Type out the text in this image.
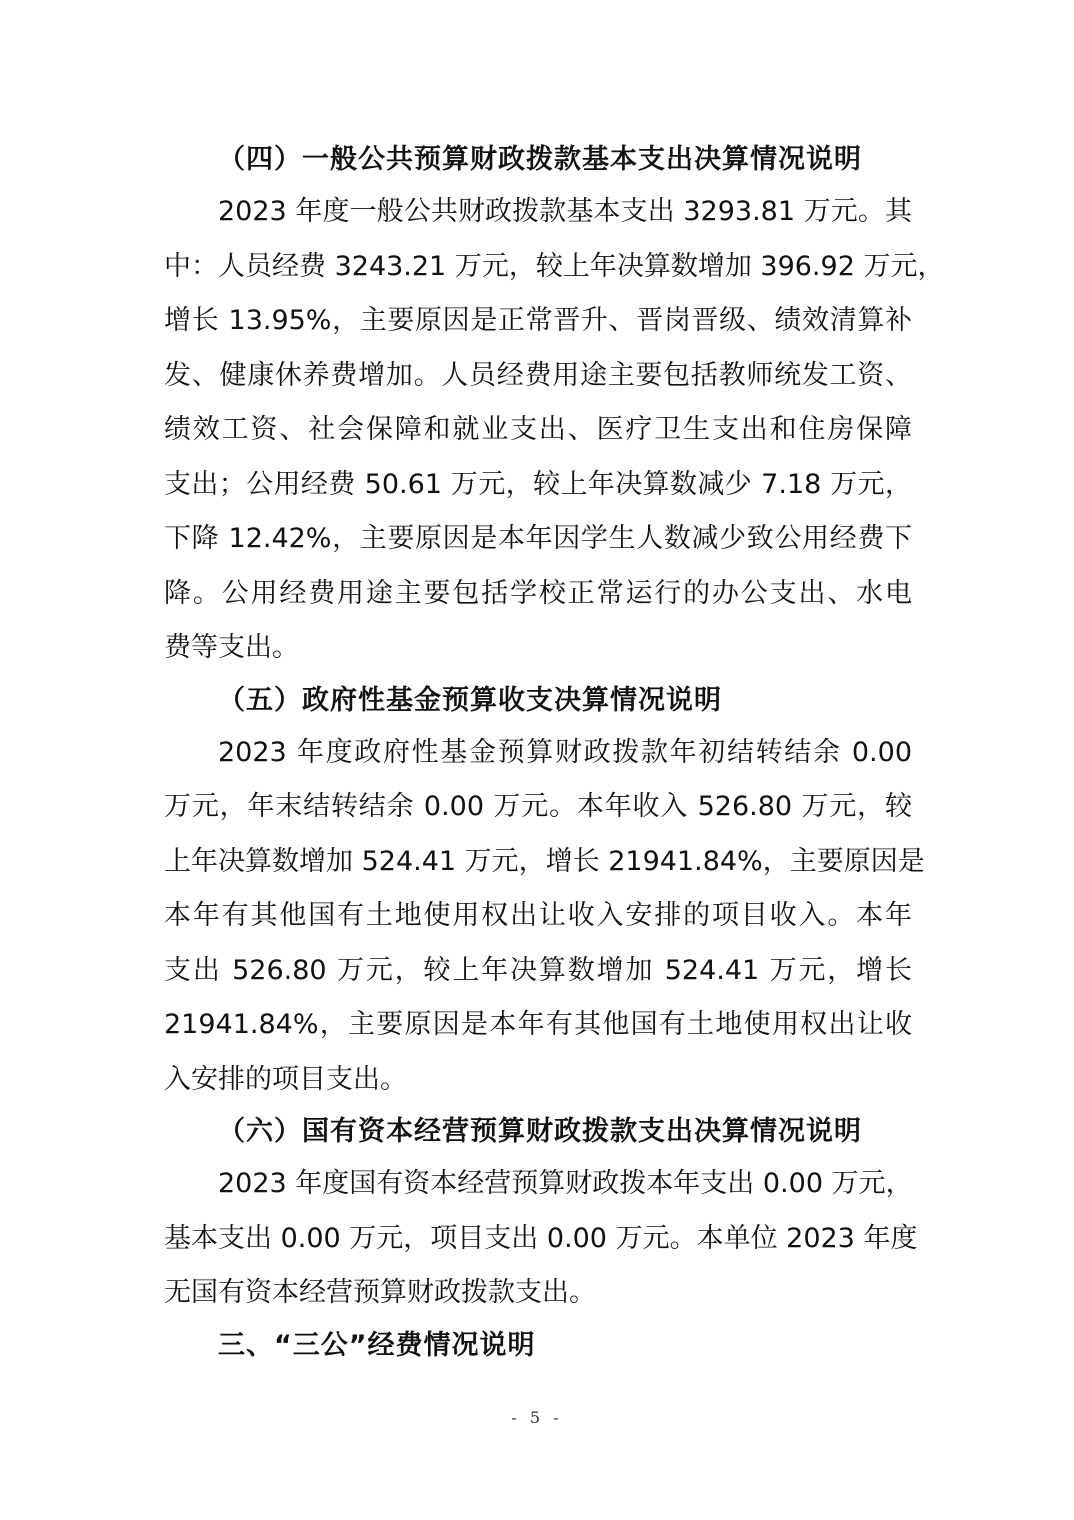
（四）一般公共预算财政拨款基本支出决算情况说明
2023 年度一般公共财政拨款基本支出 3293.81 万元。其
中：人员经费 3243.21 万元，较上年决算数增加 396.92 万元，
增长 13.95%，主要原因是正常晋升、晋岗晋级、绩效清算补
发、健康休养费增加。人员经费用途主要包括教师统发工资、
绩效工资、社会保障和就业支出、医疗卫生支出和住房保障
支出；公用经费 50.61 万元，较上年决算数减少 7.18 万元，
下降 12.42%，主要原因是本年因学生人数减少致公用经费下
降。公用经费用途主要包括学校正常运行的办公支出、水电
费等支出。
（五）政府性基金预算收支决算情况说明
2023 年度政府性基金预算财政拨款年初结转结余 0.00
万元，年末结转结余 0.00 万元。本年收入 526.80 万元，较
上年决算数增加 524.41 万元，增长 21941.84%，主要原因是
本年有其他国有土地使用权出让收入安排的项目收入。本年
支出 526.80 万元，较上年决算数增加 524.41 万元，增长
21941.84%，主要原因是本年有其他国有土地使用权出让收
入安排的项目支出。
（六）国有资本经营预算财政拨款支出决算情况说明
2023 年度国有资本经营预算财政拨本年支出 0.00 万元，
基本支出 0.00 万元，项目支出 0.00 万元。本单位 2023 年度
无国有资本经营预算财政拨款支出。
三、“三公”经费情况说明
- 5 -
